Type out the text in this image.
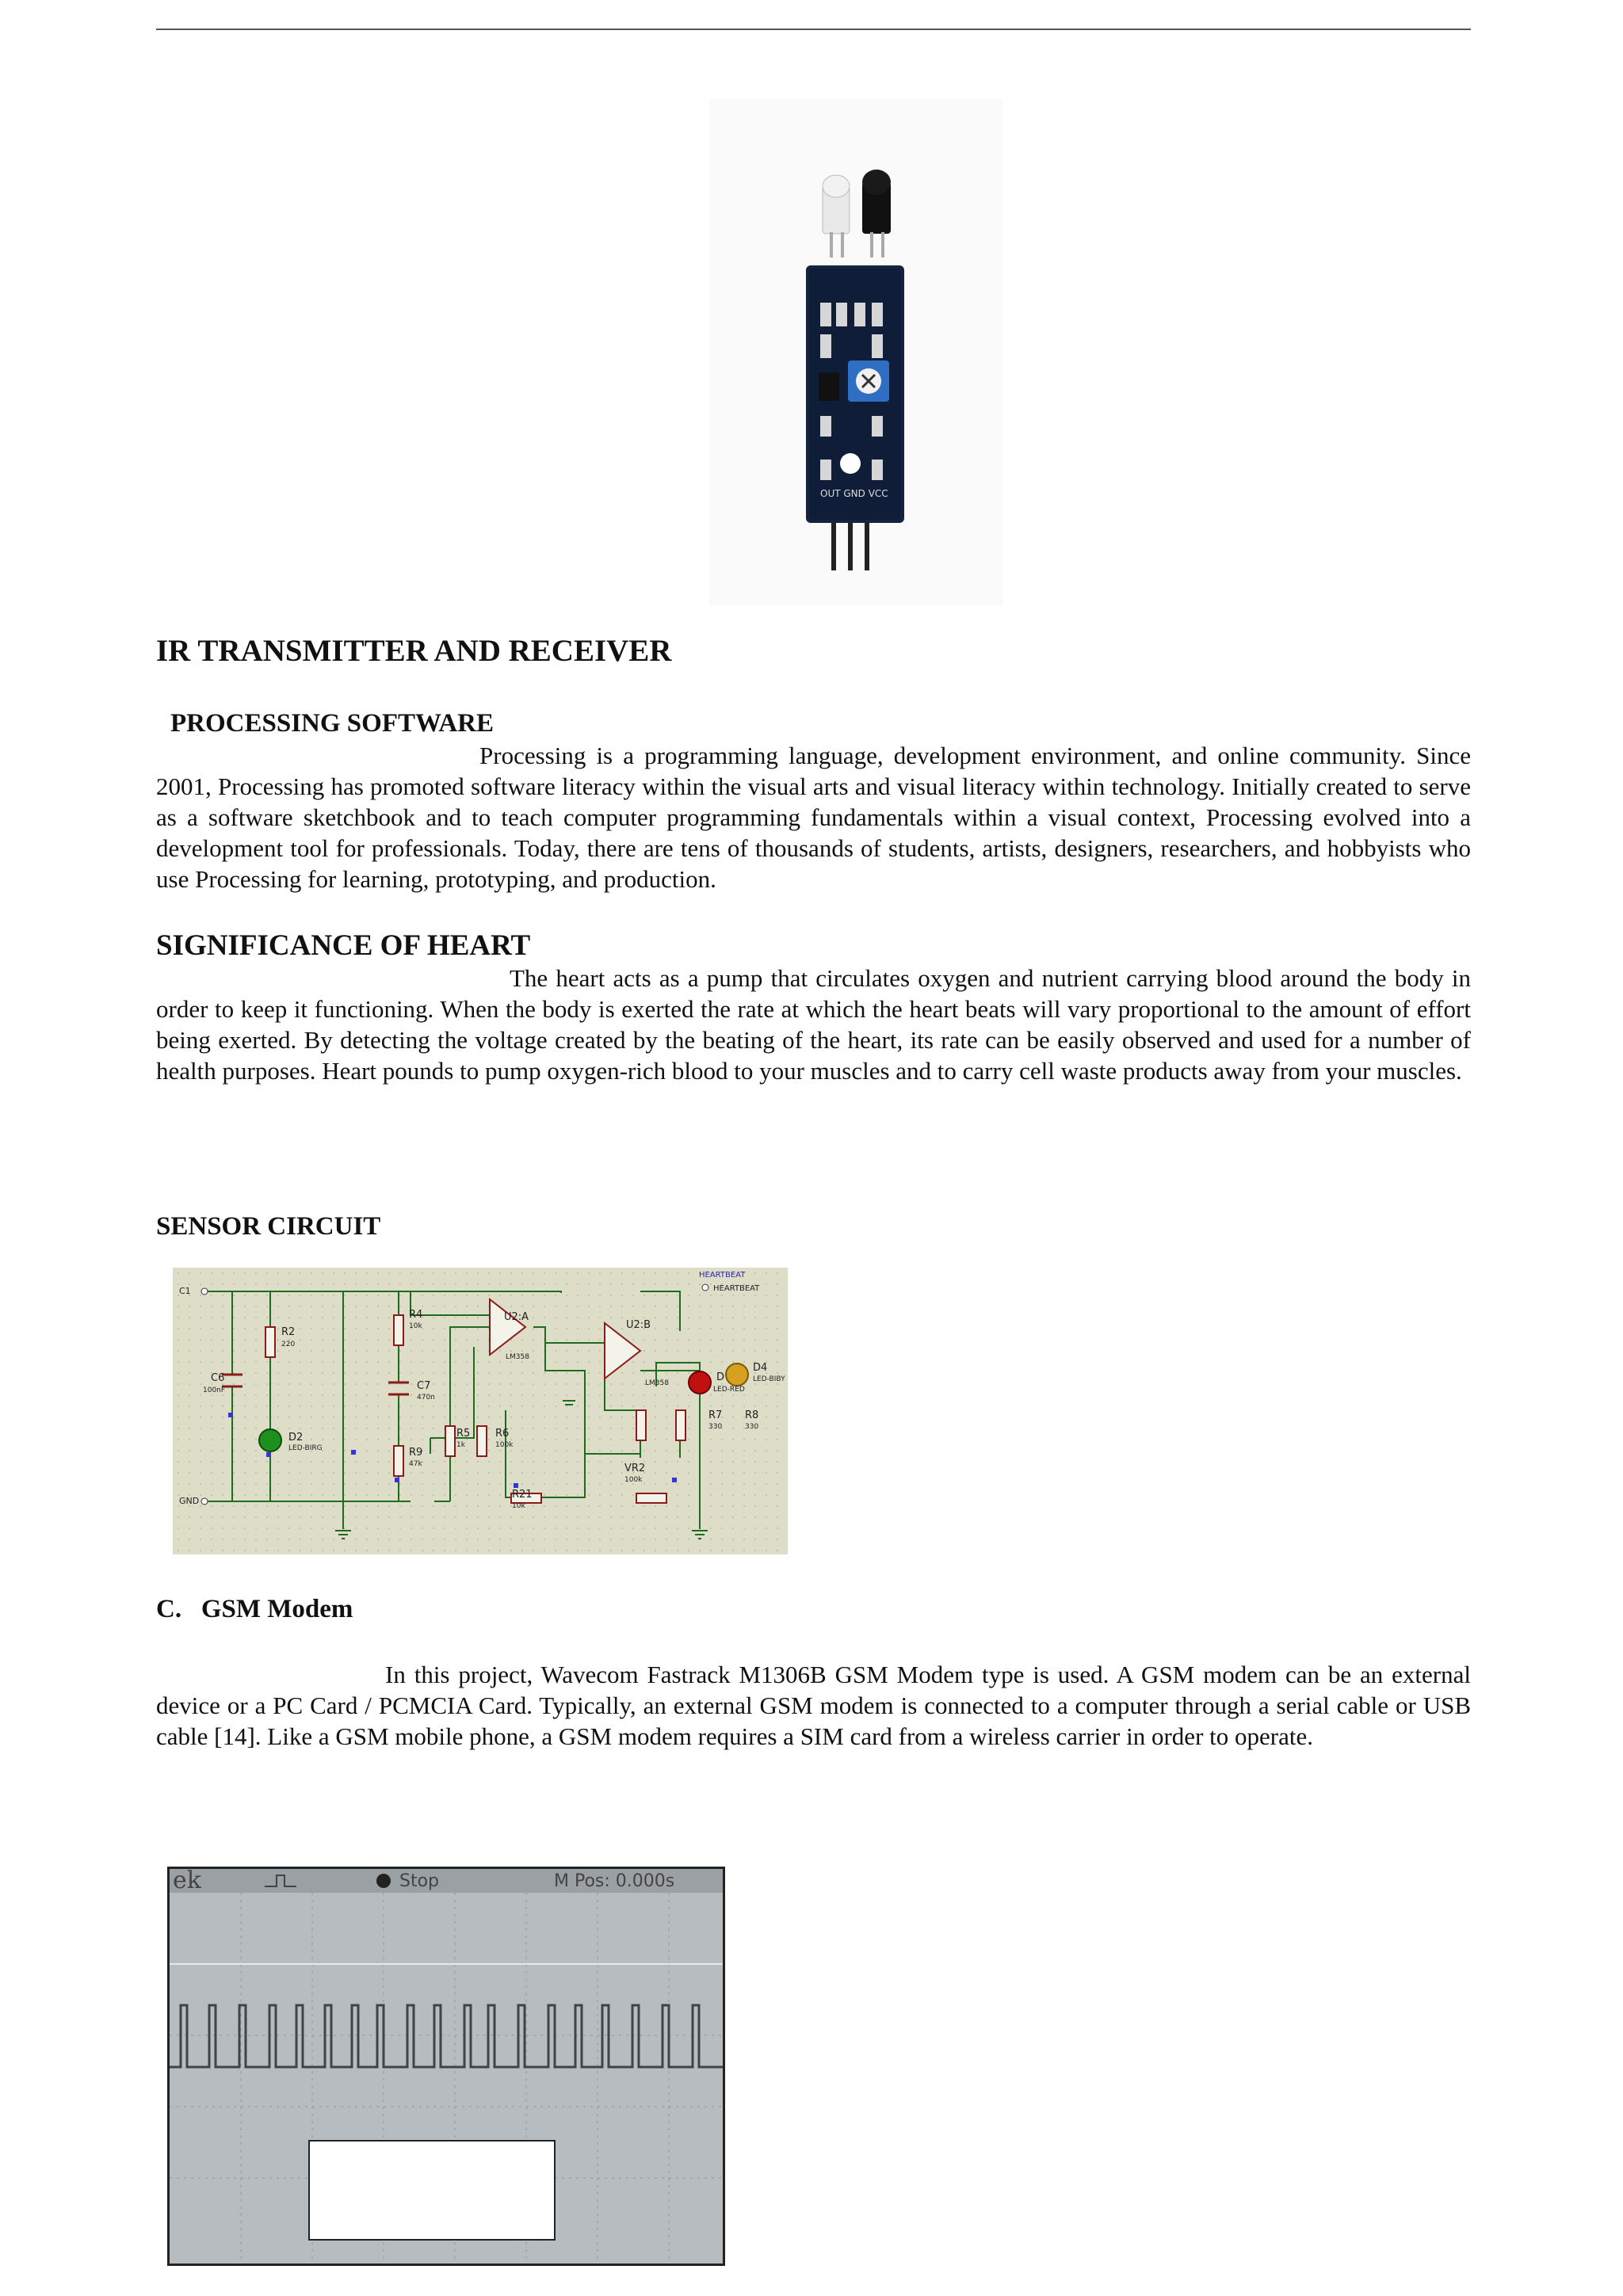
OUT GND VCC
IR TRANSMITTER AND RECEIVER
PROCESSING SOFTWARE

Processing is a programming language, development environment, and online community. Since 2001, Processing has promoted software literacy within the visual arts and visual literacy within technology. Initially created to serve as a software sketchbook and to teach computer programming fundamentals within a visual context, Processing evolved into a development tool for professionals. Today, there are tens of thousands of students, artists, designers, researchers, and hobbyists who use Processing for learning, prototyping, and production.

SIGNIFICANCE OF HEART

The heart acts as a pump that circulates oxygen and nutrient carrying blood around the body in order to keep it functioning. When the body is exerted the rate at which the heart beats will vary proportional to the amount of effort being exerted. By detecting the voltage created by the beating of the heart, its rate can be easily observed and used for a number of health purposes. Heart pounds to pump oxygen-rich blood to your muscles and to carry cell waste products away from your muscles.

SENSOR CIRCUIT
C1
GND
R2
220
C6
100nF
D2
LED-BIRG
R4
10k
C7
470n
R9
47k
R5
1k
R6
100k
R21
10k
U2:A
LM358
U2:B
LM358
VR2
100k
D
LED-RED
D4
LED-BIBY
R7
330
R8
330
HEARTBEAT
HEARTBEAT
C.   GSM Modem

In this project, Wavecom Fastrack M1306B GSM Modem type is used. A GSM modem can be an external device or a PC Card / PCMCIA Card. Typically, an external GSM modem is connected to a computer through a serial cable or USB cable [14]. Like a GSM mobile phone, a GSM modem requires a SIM card from a wireless carrier in order to operate.

ek	Stop	M Pos: 0.000s
